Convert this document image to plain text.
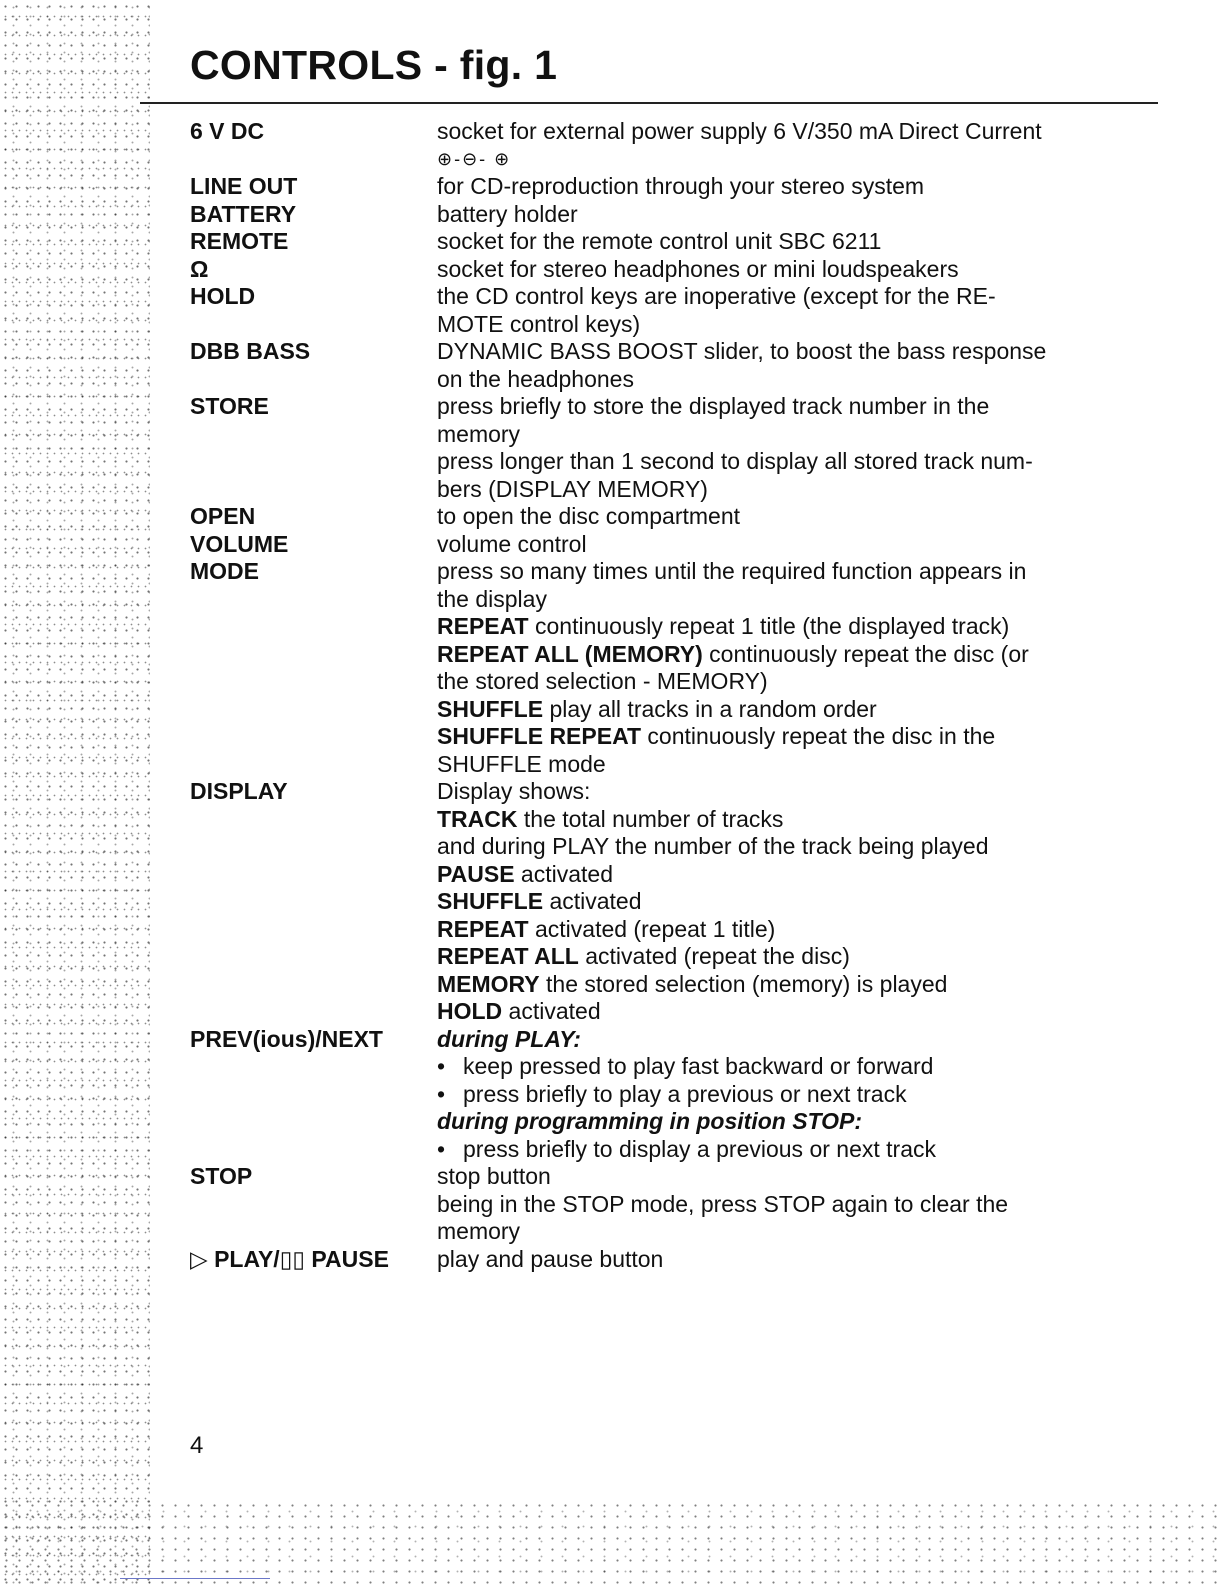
CONTROLS - fig. 1
6 V DC	socket for external power supply 6 V/350 mA Direct Current
⊕-⊖- ⊕
LINE OUT	for CD-reproduction through your stereo system
BATTERY	battery holder
REMOTE	socket for the remote control unit SBC 6211
Ω	socket for stereo headphones or mini loudspeakers
HOLD	the CD control keys are inoperative (except for the RE-
MOTE control keys)
DBB BASS	DYNAMIC BASS BOOST slider, to boost the bass response
on the headphones
STORE	press briefly to store the displayed track number in the
memory
press longer than 1 second to display all stored track num-
bers (DISPLAY MEMORY)
OPEN	to open the disc compartment
VOLUME	volume control
MODE	press so many times until the required function appears in
the display
REPEAT continuously repeat 1 title (the displayed track)
REPEAT ALL (MEMORY) continuously repeat the disc (or
the stored selection - MEMORY)
SHUFFLE play all tracks in a random order
SHUFFLE REPEAT continuously repeat the disc in the
SHUFFLE mode
DISPLAY	Display shows:
TRACK the total number of tracks
and during PLAY the number of the track being played
PAUSE activated
SHUFFLE activated
REPEAT activated (repeat 1 title)
REPEAT ALL activated (repeat the disc)
MEMORY the stored selection (memory) is played
HOLD activated
PREV(ious)/NEXT	during PLAY:
• keep pressed to play fast backward or forward
• press briefly to play a previous or next track
during programming in position STOP:
• press briefly to display a previous or next track
STOP	stop button
being in the STOP mode, press STOP again to clear the
memory
▷ PLAY/▯▯ PAUSE	play and pause button
4
